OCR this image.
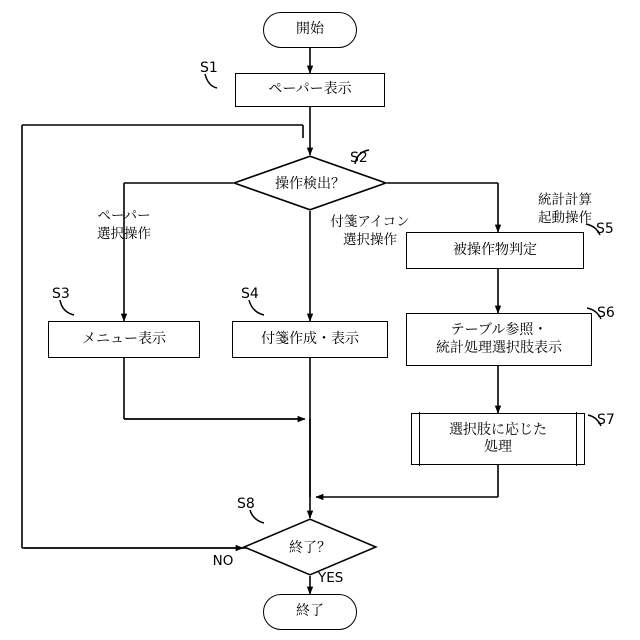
開始
ペーパー表示
操作検出？
メニュー表示	付箋作成・表示
被操作物判定
テーブル参照・
統計処理選択肢表示
選択肢に応じた
処理
終了？
終了
S1
S2
S3	S4
S5
S6
S7
S8
ペーパー
選択操作
付箋アイコン
選択操作
統計計算
起動操作
NO
YES
